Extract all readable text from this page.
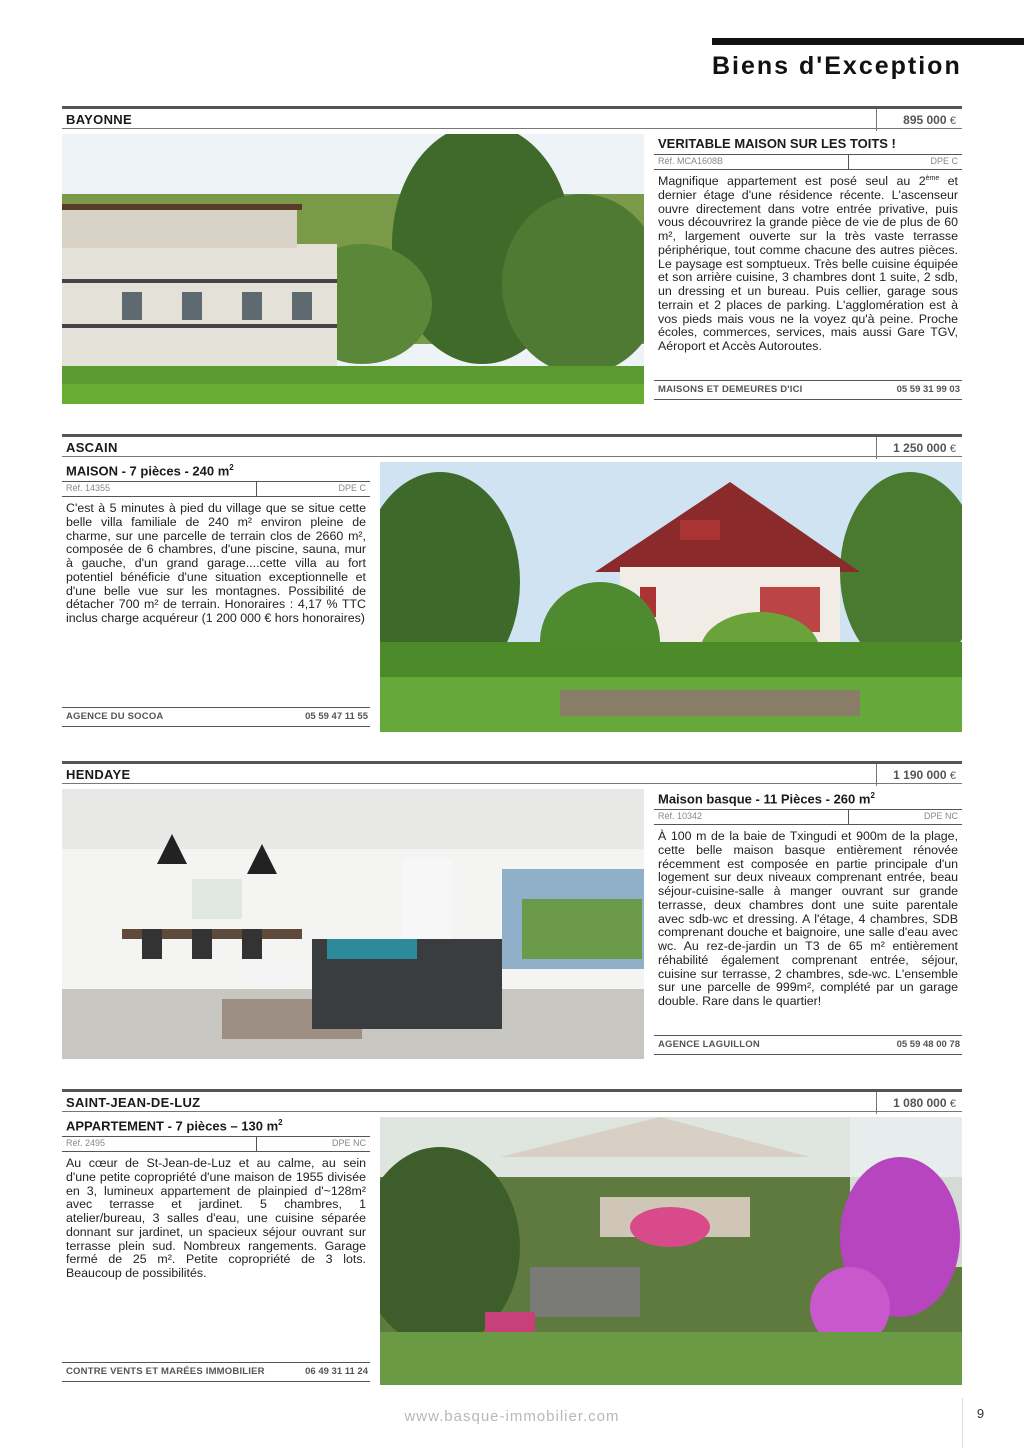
Biens d'Exception
BAYONNE	895 000 €
VERITABLE MAISON SUR LES TOITS !
Réf. MCA1608B	DPE C
Magnifique appartement est posé seul au 2ème et dernier étage d'une résidence récente. L'ascenseur ouvre directement dans votre entrée privative, puis vous découvrirez la grande pièce de vie de plus de 60 m², largement ouverte sur la très vaste terrasse périphérique, tout comme chacune des autres pièces. Le paysage est somptueux. Très belle cuisine équipée et son arrière cuisine, 3 chambres dont 1 suite, 2 sdb, un dressing et un bureau. Puis cellier, garage sous terrain et 2 places de parking. L'agglomération est à vos pieds mais vous ne la voyez qu'à peine. Proche écoles, commerces, services, mais aussi Gare TGV, Aéroport et Accès Autoroutes.
MAISONS ET DEMEURES D'ICI	05 59 31 99 03
ASCAIN	1 250 000 €
MAISON - 7 pièces - 240 $m^2$
Réf. 14355	DPE C
C'est à 5 minutes à pied du village que se situe cette belle villa familiale de 240 m² environ pleine de charme, sur une parcelle de terrain clos de 2660 m², composée de 6 chambres, d'une piscine, sauna, mur à gauche, d'un grand garage....cette villa au fort potentiel bénéficie d'une situation exceptionnelle et d'une belle vue sur les montagnes. Possibilité de détacher 700 m² de terrain. Honoraires : 4,17 % TTC inclus charge acquéreur (1 200 000 € hors honoraires)
AGENCE DU SOCOA	05 59 47 11 55
HENDAYE	1 190 000 €
Maison basque - 11 Pièces - 260 $m^2$
Réf. 10342	DPE NC
À 100 m de la baie de Txingudi et 900m de la plage, cette belle maison basque entièrement rénovée récemment est composée en partie principale d'un logement sur deux niveaux comprenant entrée, beau séjour-cuisine-salle à manger ouvrant sur grande terrasse, deux chambres dont une suite parentale avec sdb-wc et dressing. A l'étage, 4 chambres, SDB comprenant douche et baignoire, une salle d'eau avec wc. Au rez-de-jardin un T3 de 65 m² entièrement réhabilité également comprenant entrée, séjour, cuisine sur terrasse, 2 chambres, sde-wc. L'ensemble sur une parcelle de 999m², complété par un garage double. Rare dans le quartier!
AGENCE LAGUILLON	05 59 48 00 78
SAINT-JEAN-DE-LUZ	1 080 000 €
APPARTEMENT - 7 pièces – 130 $m^2$
Réf. 2495	DPE NC
Au cœur de St-Jean-de-Luz et au calme, au sein d'une petite copropriété d'une maison de 1955 divisée en 3, lumineux appartement de plainpied d'~128m² avec terrasse et jardinet. 5 chambres, 1 atelier/bureau, 3 salles d'eau, une cuisine séparée donnant sur jardinet, un spacieux séjour ouvrant sur terrasse plein sud. Nombreux rangements. Garage fermé de 25 m². Petite copropriété de 3 lots. Beaucoup de possibilités.
CONTRE VENTS ET MARÉES IMMOBILIER	06 49 31 11 24
www.basque-immobilier.com	9
